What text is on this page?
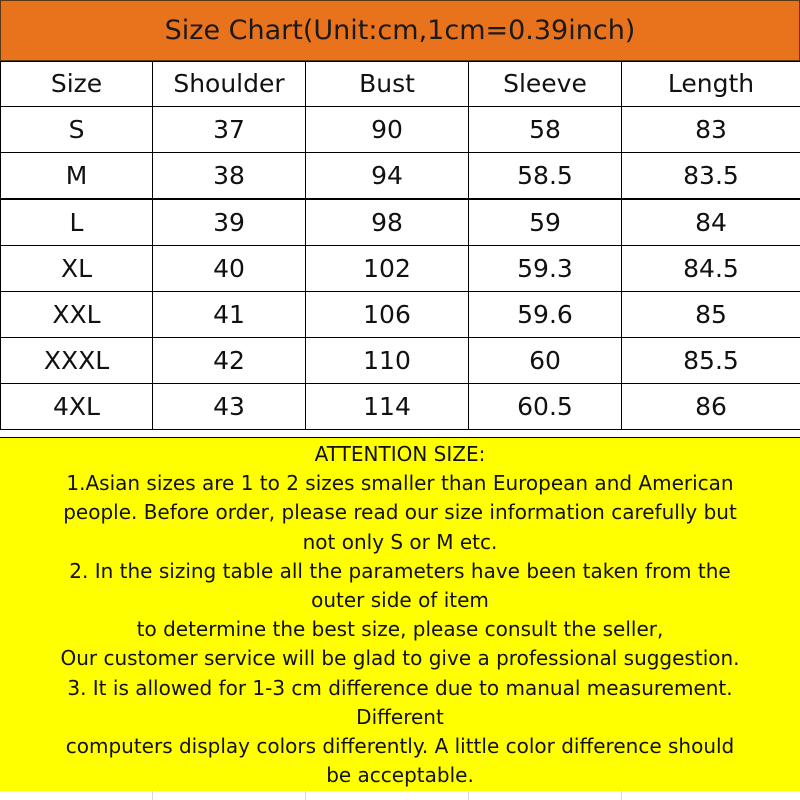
Size Chart(Unit:cm,1cm=0.39inch)
Size	Shoulder	Bust	Sleeve	Length
S	37	90	58	83
M	38	94	58.5	83.5
L	39	98	59	84
XL	40	102	59.3	84.5
XXL	41	106	59.6	85
XXXL	42	110	60	85.5
4XL	43	114	60.5	86
ATTENTION SIZE:
1.Asian sizes are 1 to 2 sizes smaller than European and American
people. Before order, please read our size information carefully but
not only S or M etc.
2. In the sizing table all the parameters have been taken from the
outer side of item
to determine the best size, please consult the seller,
Our customer service will be glad to give a professional suggestion.
3. It is allowed for 1-3 cm difference due to manual measurement.
Different
computers display colors differently. A little color difference should
be acceptable.
